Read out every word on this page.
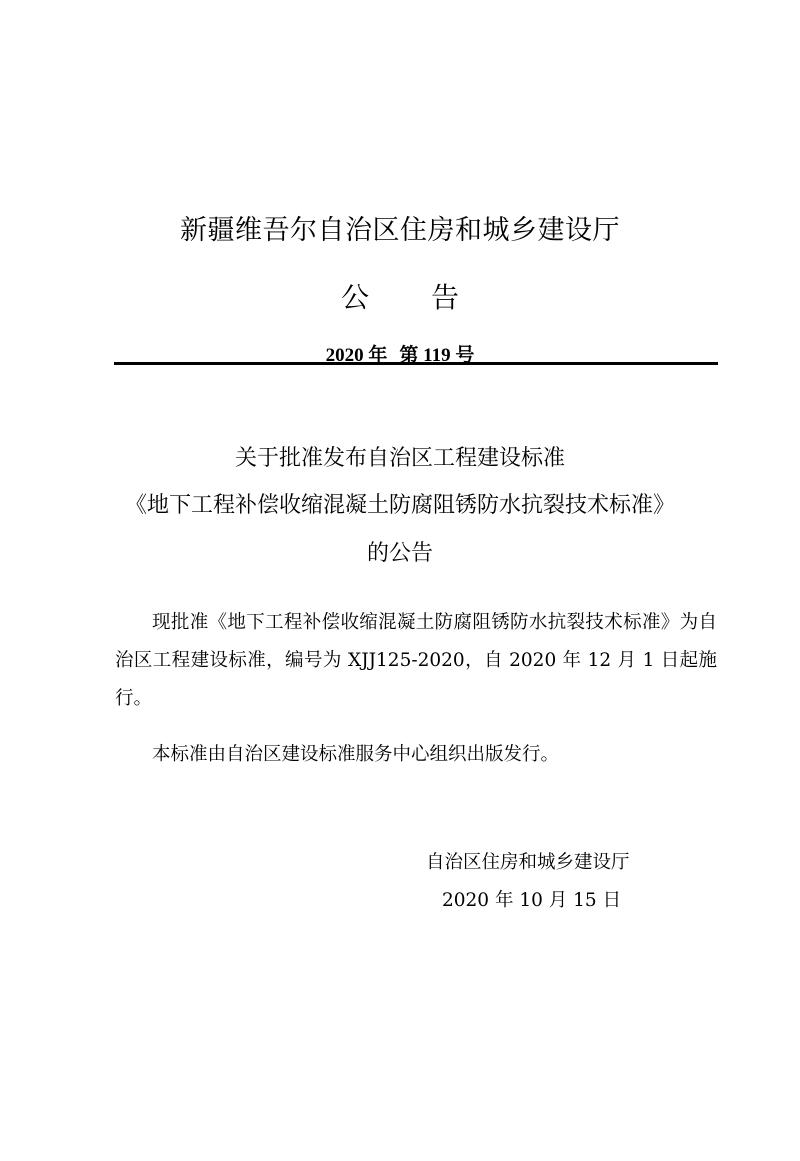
新疆维吾尔自治区住房和城乡建设厅
公 告
2020 年 第 119 号
关于批准发布自治区工程建设标准
《地下工程补偿收缩混凝土防腐阻锈防水抗裂技术标准》
的公告
现批准《地下工程补偿收缩混凝土防腐阻锈防水抗裂技术标准》为自治区工程建设标准，编号为 XJJ125-2020，自 2020 年 12 月 1 日起施行。
本标准由自治区建设标准服务中心组织出版发行。
自治区住房和城乡建设厅
2020 年 10 月 15 日
